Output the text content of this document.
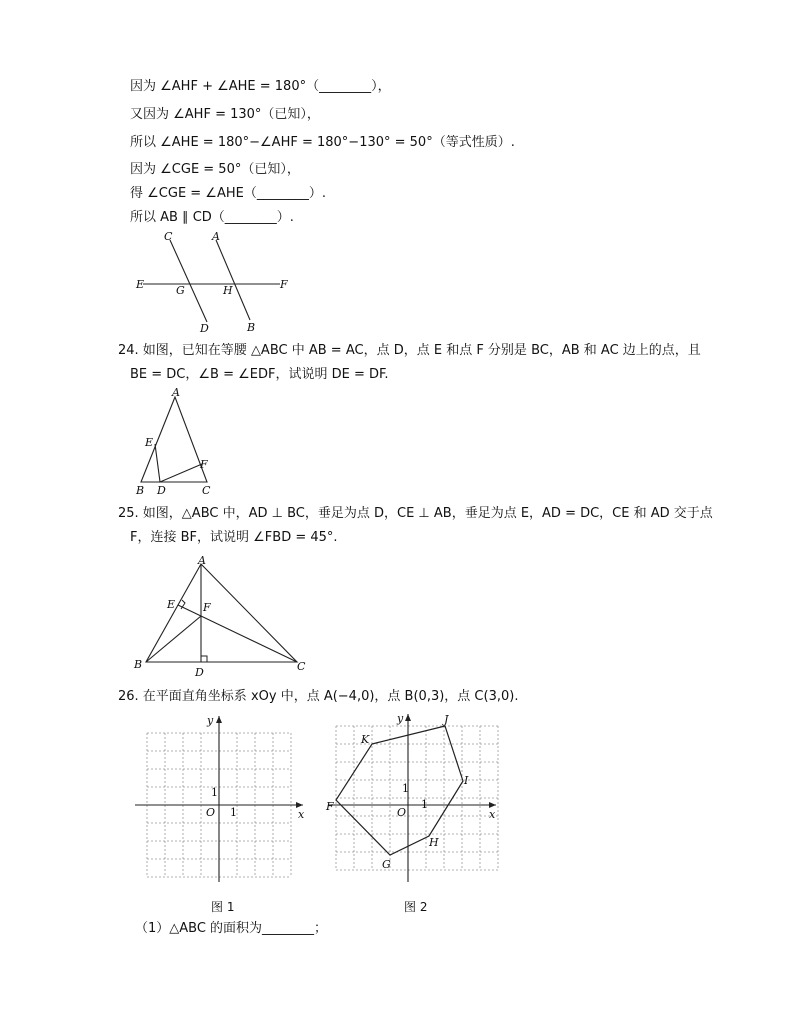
因为 ∠AHF + ∠AHE = 180°（________），
又因为 ∠AHF = 130°（已知），
所以 ∠AHE = 180°−∠AHF = 180°−130° = 50°（等式性质）.
因为 ∠CGE = 50°（已知），
得 ∠CGE = ∠AHE（________）.
所以 AB ∥ CD（________）.
C	A
E	G	H	F
D	B
24. 如图，已知在等腰 △ABC 中 AB = AC，点 D，点 E 和点 F 分别是 BC，AB 和 AC 边上的点，且
BE = DC，∠B = ∠EDF，试说明 DE = DF.
A
E
F
B D	C
25. 如图，△ABC 中，AD ⊥ BC，垂足为点 D，CE ⊥ AB，垂足为点 E，AD = DC，CE 和 AD 交于点
F，连接 BF，试说明 ∠FBD = 45°.
A
E	F
B
D	C
26. 在平面直角坐标系 xOy 中，点 A(−4,0)，点 B(0,3)，点 C(3,0).
y
x
O 1
1
图 1
y
x
O
1
1
K
J
I
F
G
H
图 2
（1）△ABC 的面积为________；
